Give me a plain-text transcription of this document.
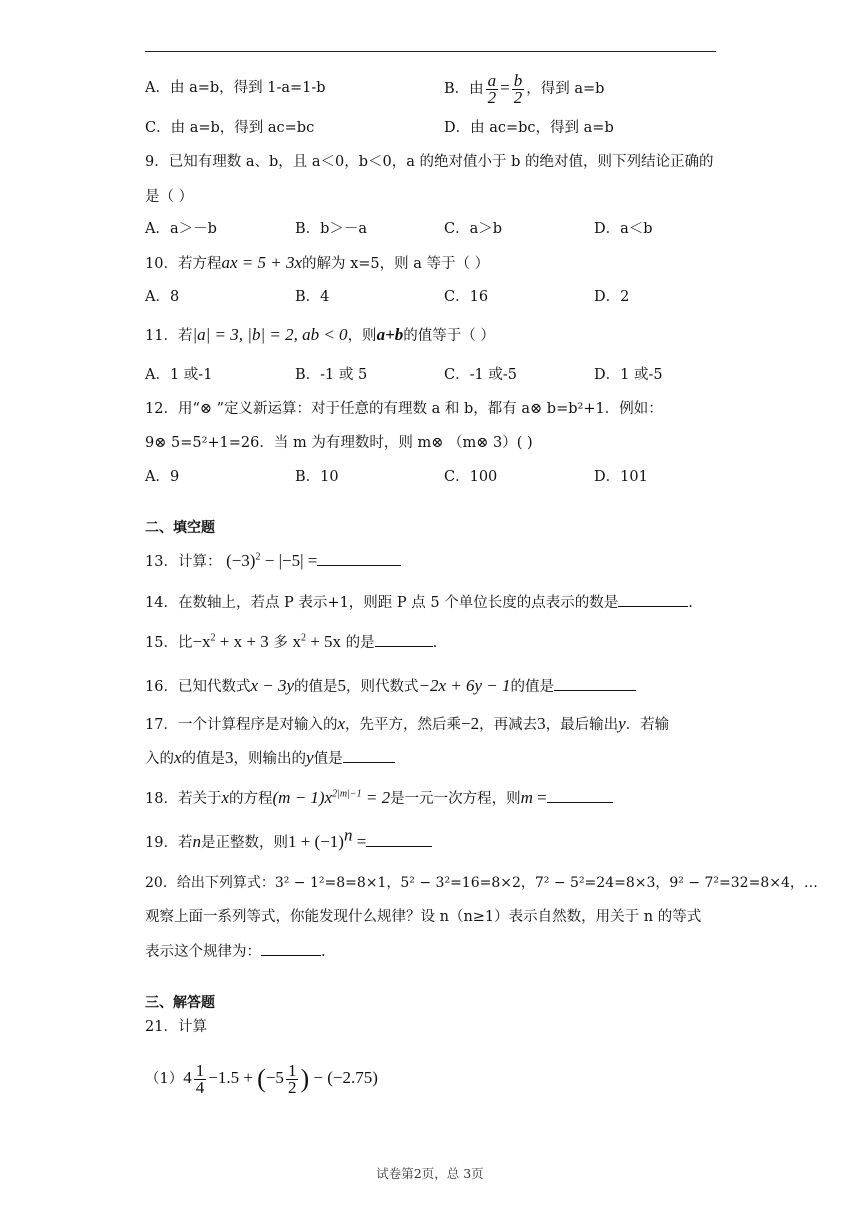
A．由 a=b，得到 1-a=1-b	B．由 $\frac{a}{2} = \frac{b}{2}$ ，得到 a=b
C．由 a=b，得到 ac=bc	D．由 ac=bc，得到 a=b
9．已知有理数 a、b，且 a＜0，b＜0，a 的绝对值小于 b 的绝对值，则下列结论正确的
是（ ）
A．a＞－b	B．b＞－a	C．a＞b	D．a＜b
10．若方程ax = 5 + 3x的解为 x=5，则 a 等于（ ）
A．8	B．4	C．16	D．2
11．若|a| = 3, |b| = 2, ab < 0，则a+b的值等于（ ）
A．1 或-1	B．-1 或 5	C．-1 或-5	D．1 或-5
12．用“⊗ ”定义新运算：对于任意的有理数 a 和 b，都有 a⊗ b=b²+1．例如：
9⊗ 5=5²+1=26．当 m 为有理数时，则 m⊗ （m⊗ 3）( )
A．9	B．10	C．100	D．101
二、填空题
13．计算： $(-3)^2 - |-5|$ =
14．在数轴上，若点 P 表示+1，则距 P 点 5 个单位长度的点表示的数是	.
15．比$-x^2 + x + 3$ 多 $x^2 + 5x$ 的是	.
16．已知代数式x − 3y的值是5，则代数式−2x + 6y − 1的值是
17．一个计算程序是对输入的x，先平方，然后乘−2，再减去3，最后输出y．若输
入的x的值是3，则输出的y值是
18．若关于x的方程$(m - 1)x^{2|m|-1} = 2$是一元一次方程，则m =
19．若n是正整数，则$1 + (-1)^n$ =
20．给出下列算式：3² − 1²=8=8×1，5² − 3²=16=8×2，7² − 5²=24=8×3，9² − 7²=32=8×4，…
观察上面一系列等式，你能发现什么规律？设 n（n≥1）表示自然数，用关于 n 的等式
表示这个规律为：	.
三、解答题
21．计算
$(1)4 \frac{1}{4} -1.5 + (-5 \frac{1}{2}$ ) − (−2.75)
试卷第2页，总 3页
